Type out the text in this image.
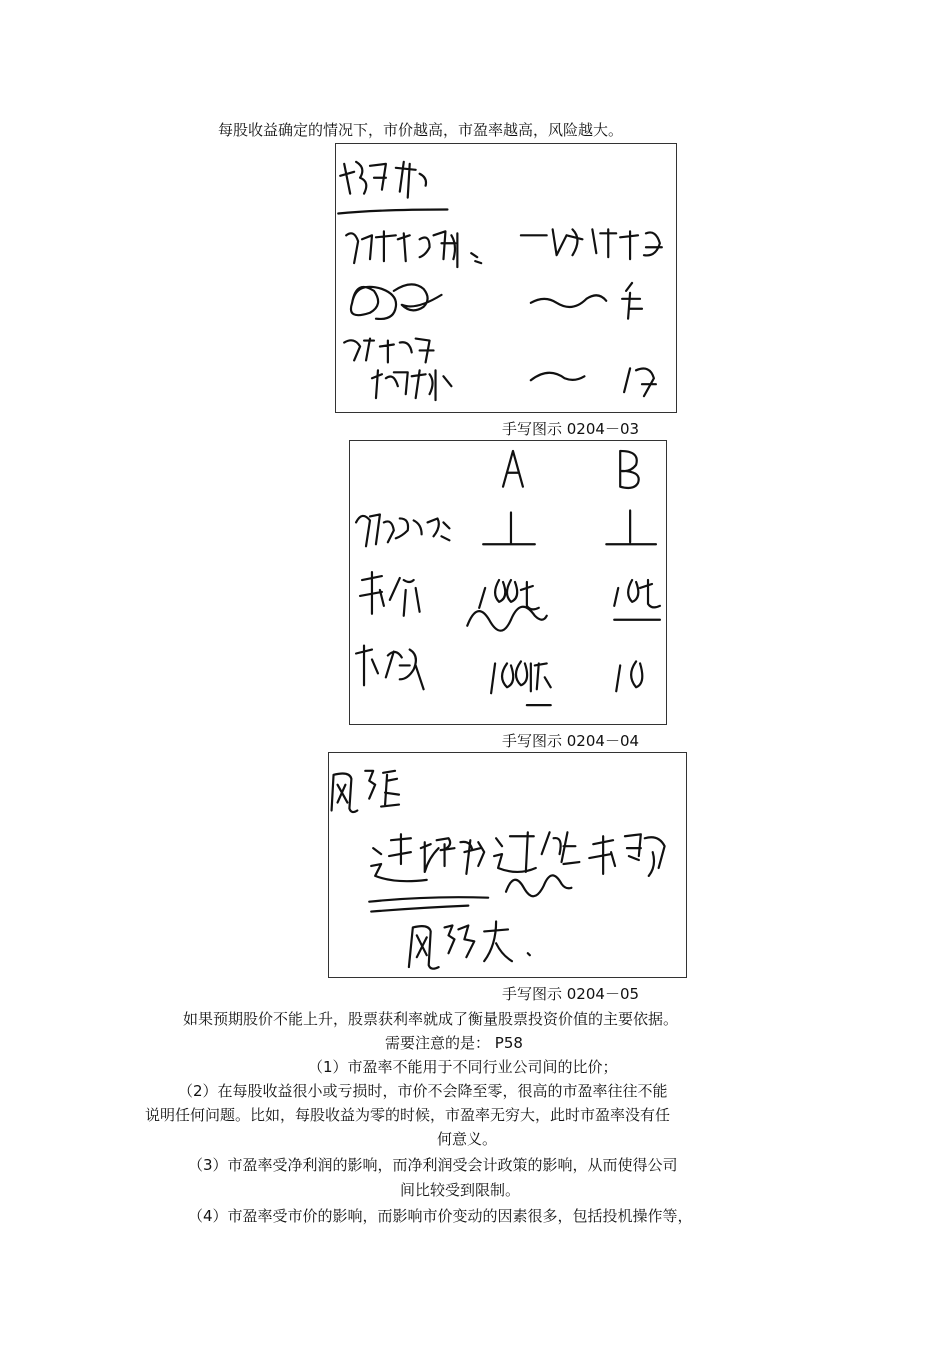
每股收益确定的情况下，市价越高，市盈率越高，风险越大。
手写图示 0204－03
手写图示 0204－04
手写图示 0204－05
如果预期股价不能上升，股票获利率就成了衡量股票投资价值的主要依据。
需要注意的是： P58
（1）市盈率不能用于不同行业公司间的比价；
（2）在每股收益很小或亏损时，市价不会降至零，很高的市盈率往往不能
说明任何问题。比如，每股收益为零的时候，市盈率无穷大，此时市盈率没有任
何意义。
（3）市盈率受净利润的影响，而净利润受会计政策的影响，从而使得公司
间比较受到限制。
（4）市盈率受市价的影响，而影响市价变动的因素很多，包括投机操作等，
